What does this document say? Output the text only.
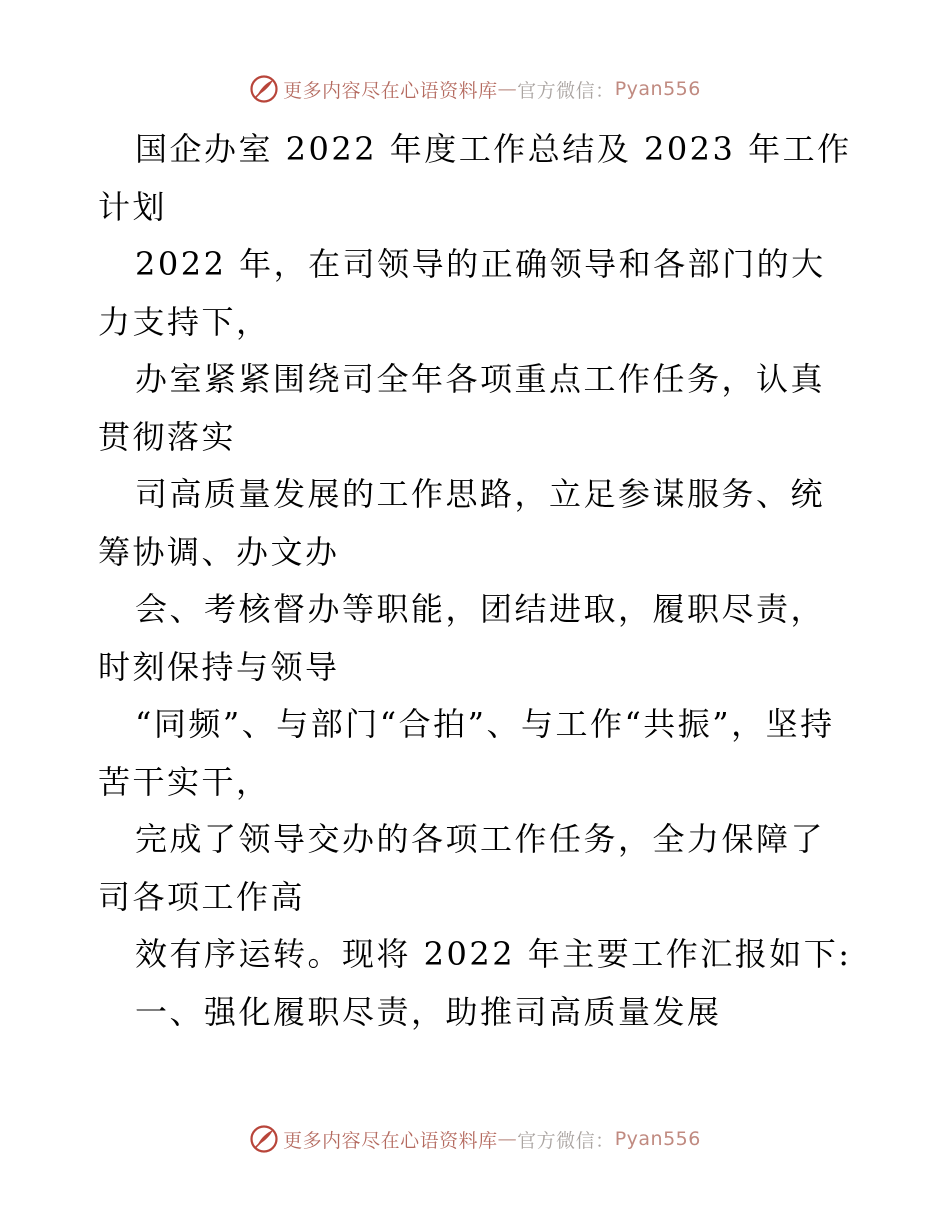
更多内容尽在心语资料库 — 官方微信： Pyan556

国企办室 2022 年度工作总结及 2023 年工作计划

2022 年，在司领导的正确领导和各部门的大力支持下，

办室紧紧围绕司全年各项重点工作任务，认真贯彻落实

司高质量发展的工作思路，立足参谋服务、统筹协调、办文办

会、考核督办等职能，团结进取，履职尽责，时刻保持与领导

“同频”、与部门“合拍”、与工作“共振”，坚持苦干实干，

完成了领导交办的各项工作任务，全力保障了司各项工作高

效有序运转。现将 2022 年主要工作汇报如下:

一、强化履职尽责，助推司高质量发展

更多内容尽在心语资料库 — 官方微信： Pyan556
